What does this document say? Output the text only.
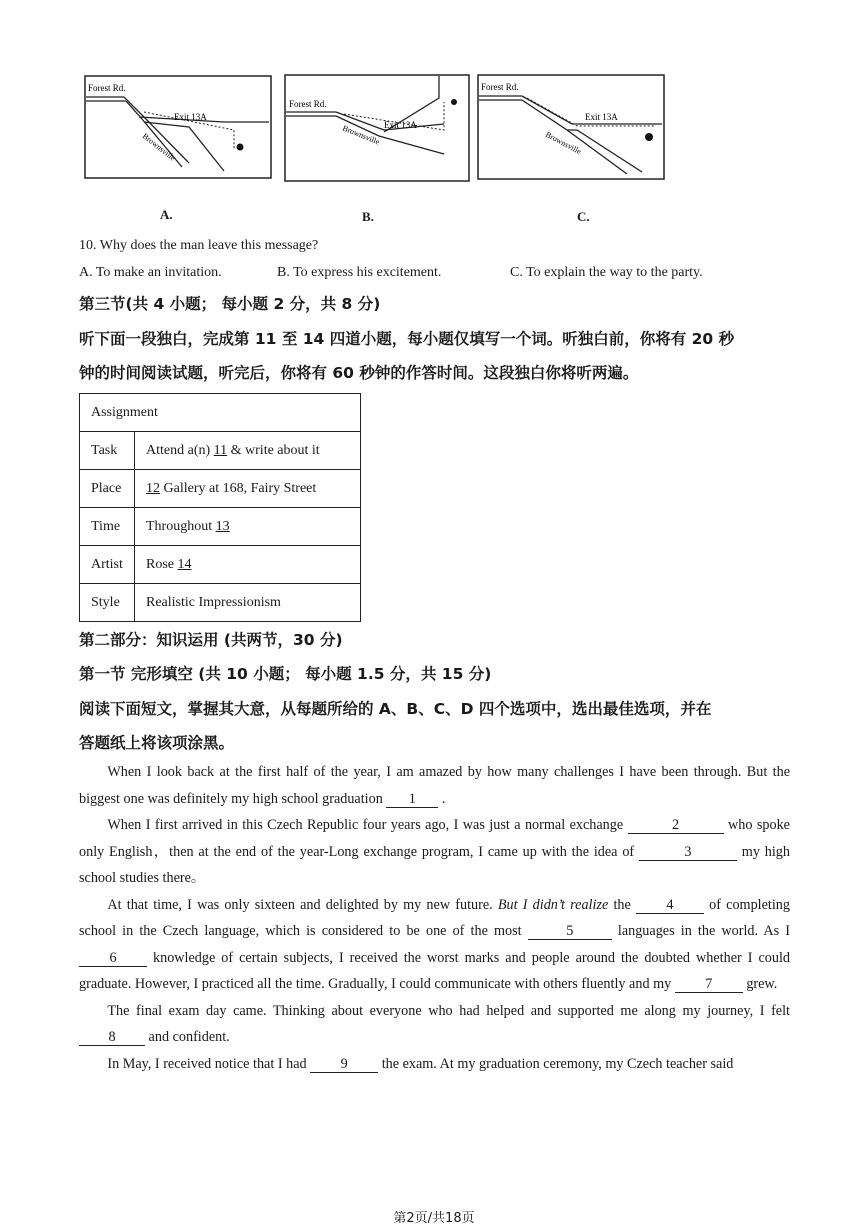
Forest Rd.
Exit 13A
Brownsville
Forest Rd.
Exit 13A
Brownsville
Forest Rd.
Exit 13A
Brownsville
A.	B.	C.
10. Why does the man leave this message?
A. To make an invitation.	B. To express his excitement.	C. To explain the way to the party.
第三节(共 4 小题； 每小题 2 分，共 8 分)
听下面一段独白，完成第 11 至 14 四道小题，每小题仅填写一个词。听独白前，你将有 20 秒
钟的时间阅读试题，听完后，你将有 60 秒钟的作答时间。这段独白你将听两遍。
Assignment	
Task	Attend a(n) 11 & write about it
Place	12 Gallery at 168, Fairy Street
Time	Throughout 13
Artist	Rose 14
Style	Realistic Impressionism
第二部分：知识运用 (共两节，30 分)
第一节 完形填空 (共 10 小题； 每小题 1.5 分，共 15 分)
阅读下面短文，掌握其大意，从每题所给的 A、B、C、D 四个选项中，选出最佳选项，并在
答题纸上将该项涂黑。

When I look back at the first half of the year, I am amazed by how many challenges I have been through. But the biggest one was definitely my high school graduation 1 .

When I first arrived in this Czech Republic four years ago, I was just a normal exchange	2	who spoke only English，then at the end of the year-Long exchange program, I came up with the idea of	3	my high school studies there。

At that time, I was only sixteen and delighted by my new future. But I didn’t realize the 4 of completing school in the Czech language, which is considered to be one of the most	5	languages in the world. As I 6 knowledge of certain subjects, I received the worst marks and people around the doubted whether I could graduate. However, I practiced all the time. Gradually, I could communicate with others fluently and my 7 grew.

The final exam day came. Thinking about everyone who had helped and supported me along my journey, I felt 8 and confident.

In May, I received notice that I had 9 the exam. At my graduation ceremony, my Czech teacher said

第2页/共18页
